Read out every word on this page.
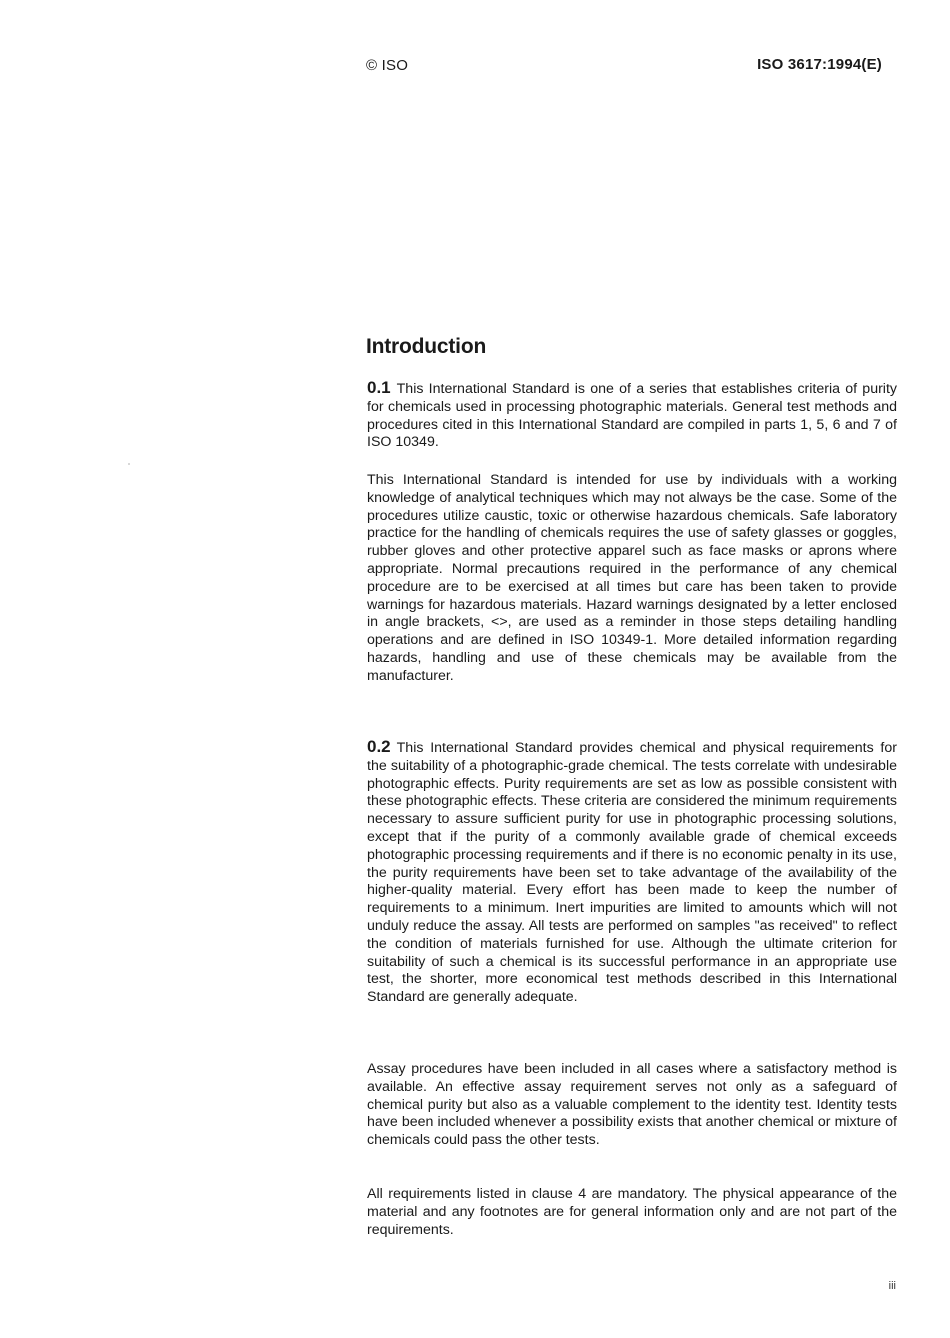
© ISO	ISO 3617:1994(E)
Introduction

0.1 This International Standard is one of a series that establishes criteria of purity for chemicals used in processing photographic materials. General test methods and procedures cited in this International Standard are compiled in parts 1, 5, 6 and 7 of ISO 10349.

This International Standard is intended for use by individuals with a working knowledge of analytical techniques which may not always be the case. Some of the procedures utilize caustic, toxic or otherwise hazardous chemicals. Safe laboratory practice for the handling of chemicals requires the use of safety glasses or goggles, rubber gloves and other protective apparel such as face masks or aprons where appropriate. Normal precautions required in the performance of any chemical procedure are to be exercised at all times but care has been taken to provide warnings for hazardous materials. Hazard warnings designated by a letter enclosed in angle brackets, <>, are used as a reminder in those steps detailing handling operations and are defined in ISO 10349-1. More detailed information regarding hazards, handling and use of these chemicals may be available from the manufacturer.

0.2 This International Standard provides chemical and physical requirements for the suitability of a photographic-grade chemical. The tests correlate with undesirable photographic effects. Purity requirements are set as low as possible consistent with these photographic effects. These criteria are considered the minimum requirements necessary to assure sufficient purity for use in photographic processing solutions, except that if the purity of a commonly available grade of chemical exceeds photographic processing requirements and if there is no economic penalty in its use, the purity requirements have been set to take advantage of the availability of the higher-quality material. Every effort has been made to keep the number of requirements to a minimum. Inert impurities are limited to amounts which will not unduly reduce the assay. All tests are performed on samples "as received" to reflect the condition of materials furnished for use. Although the ultimate criterion for suitability of such a chemical is its successful performance in an appropriate use test, the shorter, more economical test methods described in this International Standard are generally adequate.

Assay procedures have been included in all cases where a satisfactory method is available. An effective assay requirement serves not only as a safeguard of chemical purity but also as a valuable complement to the identity test. Identity tests have been included whenever a possibility exists that another chemical or mixture of chemicals could pass the other tests.

All requirements listed in clause 4 are mandatory. The physical appearance of the material and any footnotes are for general information only and are not part of the requirements.

iii
